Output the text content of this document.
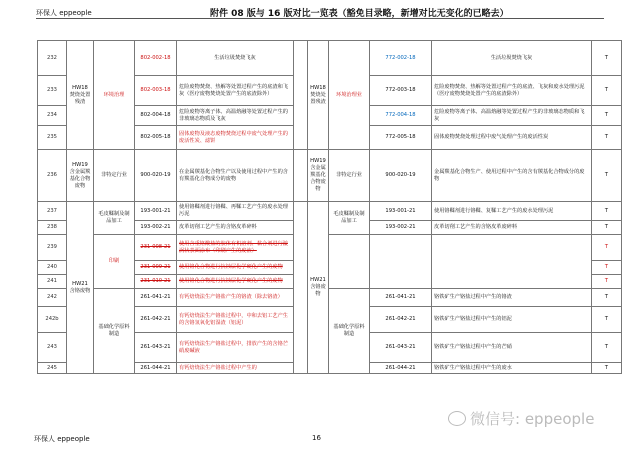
环保人 eppeople	附件 08 版与 16 版对比一览表（豁免目录略，新增对比无变化的已略去）
232	HW18 焚烧处置残渣	环境治理	802-002-18	生活垃圾焚烧飞灰		HW18 焚烧处置残渣	环境治理业	772-002-18	生活垃圾焚烧飞灰	T
233			802-003-18	危险废物焚烧、热解等处置过程产生的底渣和飞灰（医疗废物焚烧处置产生的底渣除外）				772-003-18	危险废物焚烧、热解等处置过程产生的底渣、飞灰和废水处理污泥（医疗废物焚烧处置产生的底渣除外）	T
234			802-004-18	危险废物等离子体、高温熔融等处置过程产生的非玻璃态物质及飞灰				772-004-18	危险废物等离子体、高温熔融等处置过程产生的非玻璃态物质和飞灰	T
235			802-005-18	固体废物及液态废物焚烧过程中废气处理产生的废活性炭、滤饼				772-005-18	固体废物焚烧处理过程中废气处理产生的废活性炭	T
236	HW19 含金属羰基化合物废物	非特定行业	900-020-19	在金属羰基化合物生产以及使用过程中产生的含有羰基化合物成分的废物		HW19 含金属羰基化合物废物	非特定行业	900-020-19	金属羰基化合物生产、使用过程中产生的含有羰基化合物成分的废物	T
237	HW21 含铬废物	毛皮鞣制及制品加工	193-001-21	使用铬鞣剂进行铬鞣、再鞣工艺产生的废水处理污泥		HW21 含铬废物	毛皮鞣制及制品加工	193-001-21	使用铬鞣剂进行铬鞣、复鞣工艺产生的废水处理污泥	T
238			193-002-21	皮革切削工艺产生的含铬皮革碎料				193-002-21	皮革切削工艺产生的含铬皮革废碎料	T
239		印刷	231-008-21	使用含重铬酸盐的胶体有机溶剂、黏合剂进行漩涡状表面涂布（印刷产生的废液）						T
240			231-009-21	使用铬化合物进行抗蚀层化学硬化产生的废物						T
241			231-010-21	使用铬化合物进行抗蚀层化学硬化产生的废物						T
242		基础化学原料制造	261-041-21	有钙焙烧法生产铬盐产生的铬渣（除去铬渣）			基础化学原料制造	261-041-21	铬铁矿生产铬盐过程中产生的铬渣	T
242b			261-042-21	有钙焙烧法生产铬盐过程中，中和去铝工艺产生的含铬氢氧化铝湿渣（铝泥）				261-042-21	铬铁矿生产铬盐过程中产生的铝泥	T
243			261-043-21	有钙焙烧法生产铬盐过程中，排放产生的含铬芒硝废碱液				261-043-21	铬铁矿生产铬盐过程中产生的芒硝	T
245			261-044-21	有钙焙烧法生产铬盐过程中产生的				261-044-21	铬铁矿生产铬盐过程中产生的废水	T
环保人 eppeople	16
微信号: eppeople
